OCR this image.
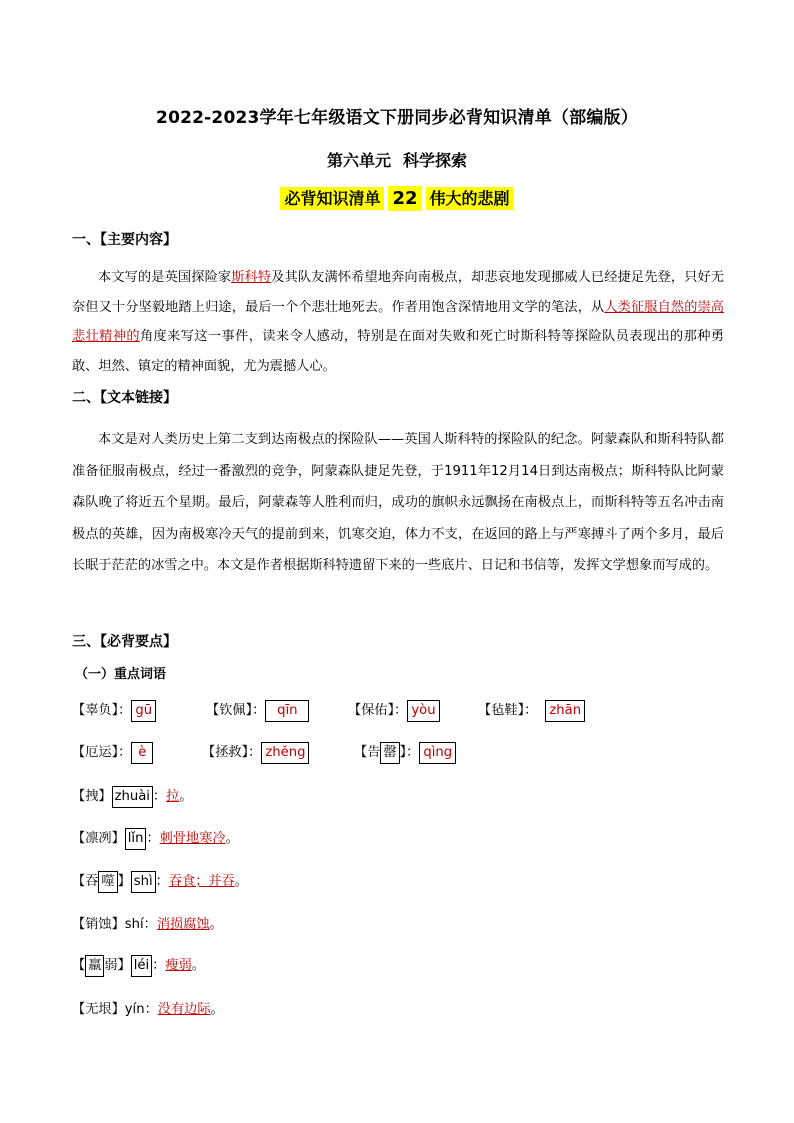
2022-2023学年七年级语文下册同步必背知识清单（部编版）
第六单元 科学探索
必背知识清单 22 伟大的悲剧
一、【主要内容】
本文写的是英国探险家斯科特及其队友满怀希望地奔向南极点，却悲哀地发现挪威人已经捷足先登，只好无奈但又十分坚毅地踏上归途，最后一个个悲壮地死去。作者用饱含深情地用文学的笔法，从人类征服自然的崇高悲壮精神的角度来写这一事件，读来令人感动，特别是在面对失败和死亡时斯科特等探险队员表现出的那种勇敢、坦然、镇定的精神面貌，尤为震撼人心。
二、【文本链接】
本文是对人类历史上第二支到达南极点的探险队——英国人斯科特的探险队的纪念。阿蒙森队和斯科特队都准备征服南极点，经过一番激烈的竞争，阿蒙森队捷足先登，于1911年12月14日到达南极点；斯科特队比阿蒙森队晚了将近五个星期。最后，阿蒙森等人胜利而归，成功的旗帜永远飘扬在南极点上，而斯科特等五名冲击南极点的英雄，因为南极寒冷天气的提前到来，饥寒交迫，体力不支，在返回的路上与严寒搏斗了两个多月，最后长眠于茫茫的冰雪之中。本文是作者根据斯科特遗留下来的一些底片、日记和书信等，发挥文学想象而写成的。
三、【必背要点】
（一）重点词语
【辜负】： gū	【钦佩】： qīn	【保佑】： yòu	【毡鞋】： zhān
【厄运】： è	【拯救】： zhěng	【告 罄 】： qìng
【拽】 zhuài ：拉。
【凛冽】 lǐn ：刺骨地寒冷。
【吞 噬 】 shì ：吞食；并吞。
【销蚀】shí：消损腐蚀。
【 羸 弱】 léi ：瘦弱。
【无垠】yín：没有边际。
